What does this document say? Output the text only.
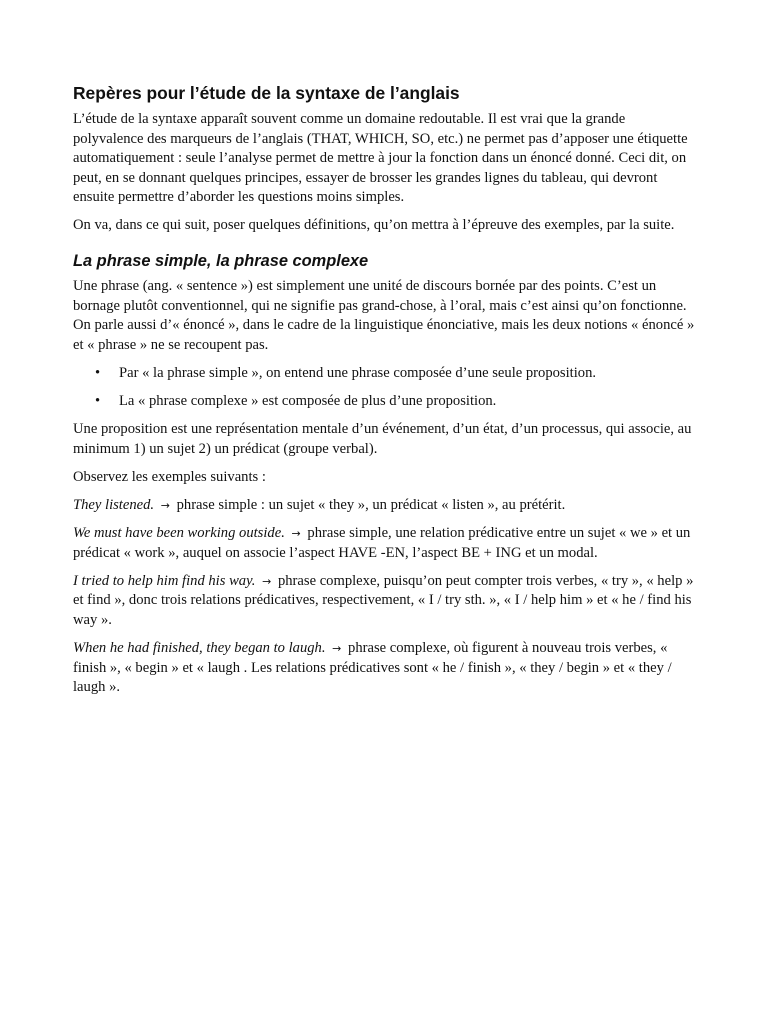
Repères pour l’étude de la syntaxe de l’anglais

L’étude de la syntaxe apparaît souvent comme un domaine redoutable. Il est vrai que la grande polyvalence des marqueurs de l’anglais (THAT, WHICH, SO, etc.) ne permet pas d’apposer une étiquette automatiquement : seule l’analyse permet de mettre à jour la fonction dans un énoncé donné. Ceci dit, on peut, en se donnant quelques principes, essayer de brosser les grandes lignes du tableau, qui devront ensuite permettre d’aborder les questions moins simples.

On va, dans ce qui suit, poser quelques définitions, qu’on mettra à l’épreuve des exemples, par la suite.

La phrase simple, la phrase complexe

Une phrase (ang. « sentence ») est simplement une unité de discours bornée par des points. C’est un bornage plutôt conventionnel, qui ne signifie pas grand-chose, à l’oral, mais c’est ainsi qu’on fonctionne. On parle aussi d’« énoncé », dans le cadre de la linguistique énonciative, mais les deux notions « énoncé » et « phrase » ne se recoupent pas.

• Par « la phrase simple », on entend une phrase composée d’une seule proposition.
• La « phrase complexe » est composée de plus d’une proposition.

Une proposition est une représentation mentale d’un événement, d’un état, d’un processus, qui associe, au minimum 1) un sujet 2) un prédicat (groupe verbal).

Observez les exemples suivants :

They listened. → phrase simple : un sujet « they », un prédicat « listen », au prétérit.

We must have been working outside. → phrase simple, une relation prédicative entre un sujet « we » et un prédicat « work », auquel on associe l’aspect HAVE -EN, l’aspect BE + ING et un modal.

I tried to help him find his way. → phrase complexe, puisqu’on peut compter trois verbes, « try », « help » et find », donc trois relations prédicatives, respectivement, « I / try sth. », « I / help him » et « he / find his way ».

When he had finished, they began to laugh. → phrase complexe, où figurent à nouveau trois verbes, « finish », « begin » et « laugh . Les relations prédicatives sont « he / finish », « they / begin » et « they / laugh ».
